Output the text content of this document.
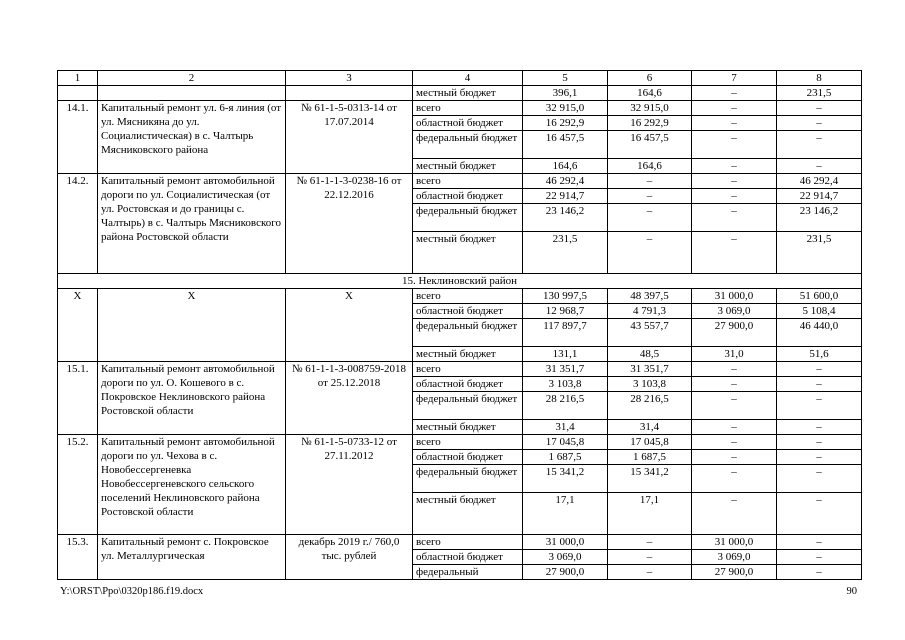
1	2	3	4	5	6	7	8
			местный бюджет	396,1	164,6	–	231,5
14.1.	Капитальный ремонт ул. 6-я линия (от ул. Мясникяна до ул. Социалистическая) в с. Чалтырь Мясниковского района	№ 61-1-5-0313-14 от 17.07.2014	всего	32 915,0	32 915,0	–	–
			областной бюджет	16 292,9	16 292,9	–	–
			федеральный бюджет	16 457,5	16 457,5	–	–
			местный бюджет	164,6	164,6	–	–
14.2.	Капитальный ремонт автомобильной дороги по ул. Социалистическая (от ул. Ростовская и до границы с. Чалтырь) в с. Чалтырь Мясниковского района Ростовской области	№ 61-1-1-3-0238-16 от 22.12.2016	всего	46 292,4	–	–	46 292,4
			областной бюджет	22 914,7	–	–	22 914,7
			федеральный бюджет	23 146,2	–	–	23 146,2
			местный бюджет	231,5	–	–	231,5
15. Неклиновский район							
X	X	X	всего	130 997,5	48 397,5	31 000,0	51 600,0
			областной бюджет	12 968,7	4 791,3	3 069,0	5 108,4
			федеральный бюджет	117 897,7	43 557,7	27 900,0	46 440,0
			местный бюджет	131,1	48,5	31,0	51,6
15.1.	Капитальный ремонт автомобильной дороги по ул. О. Кошевого в с. Покровское Неклиновского района Ростовской области	№ 61-1-1-3-008759-2018 от 25.12.2018	всего	31 351,7	31 351,7	–	–
			областной бюджет	3 103,8	3 103,8	–	–
			федеральный бюджет	28 216,5	28 216,5	–	–
			местный бюджет	31,4	31,4	–	–
15.2.	Капитальный ремонт автомобильной дороги по ул. Чехова в с. Новобессергеневка Новобессергеневского сельского поселений Неклиновского района Ростовской области	№ 61-1-5-0733-12 от 27.11.2012	всего	17 045,8	17 045,8	–	–
			областной бюджет	1 687,5	1 687,5	–	–
			федеральный бюджет	15 341,2	15 341,2	–	–
			местный бюджет	17,1	17,1	–	–
15.3.	Капитальный ремонт с. Покровское ул. Металлургическая	декабрь 2019 г./ 760,0 тыс. рублей	всего	31 000,0	–	31 000,0	–
			областной бюджет	3 069,0	–	3 069,0	–
			федеральный	27 900,0	–	27 900,0	–
Y:\ORST\Ppo\0320p186.f19.docx	90
